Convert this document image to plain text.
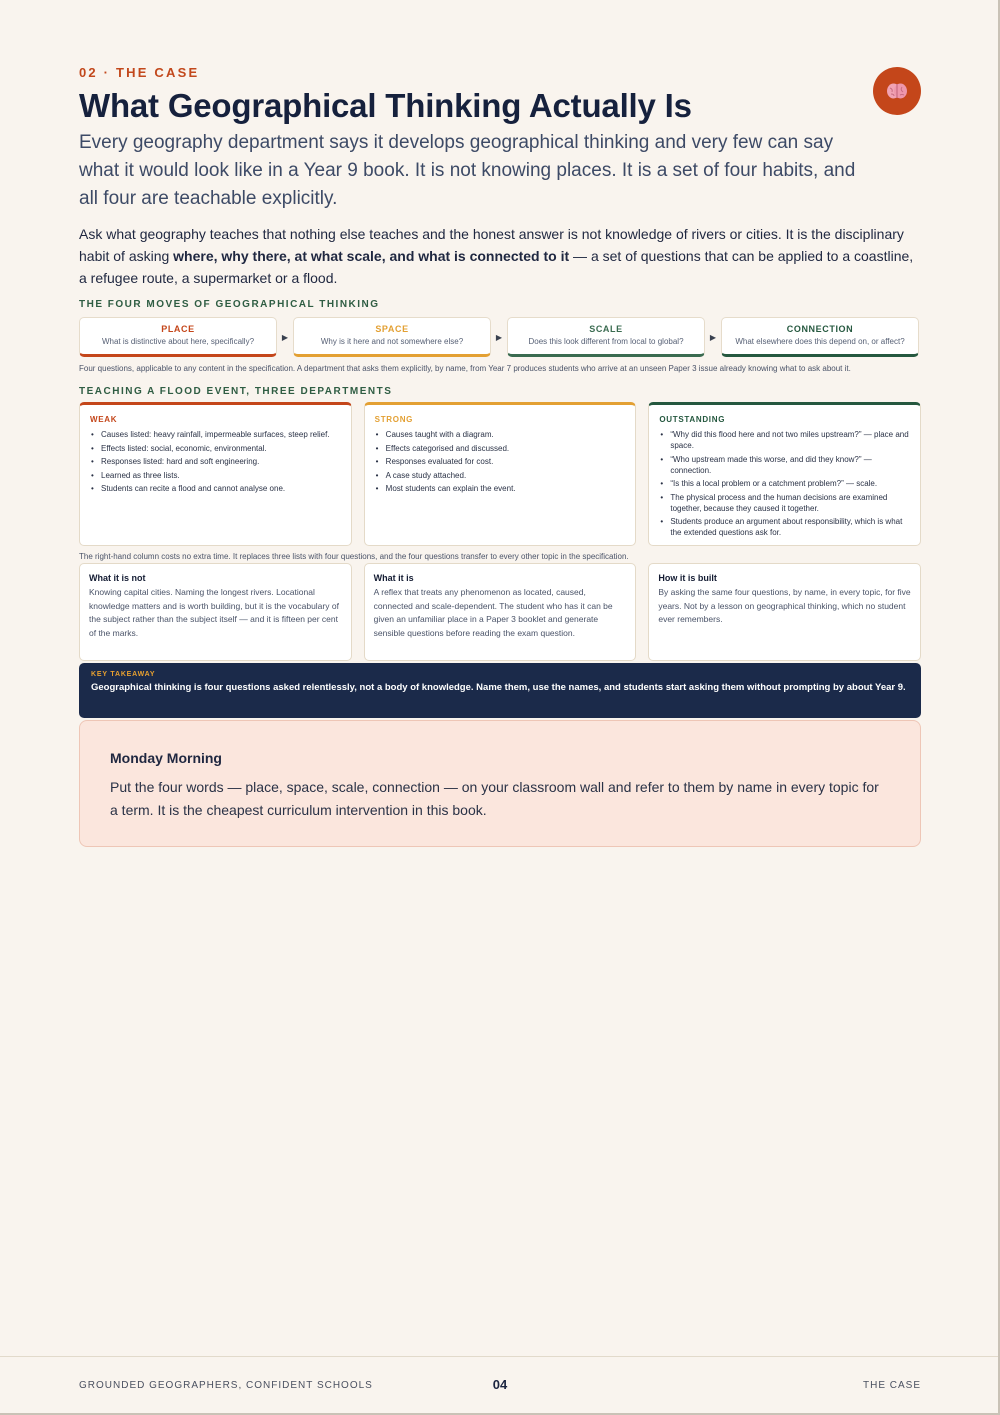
02 · THE CASE
What Geographical Thinking Actually Is

Every geography department says it develops geographical thinking and very few can say what it would look like in a Year 9 book. It is not knowing places. It is a set of four habits, and all four are teachable explicitly.

Ask what geography teaches that nothing else teaches and the honest answer is not knowledge of rivers or cities. It is the disciplinary habit of asking where, why there, at what scale, and what is connected to it — a set of questions that can be applied to a coastline, a refugee route, a supermarket or a flood.

THE FOUR MOVES OF GEOGRAPHICAL THINKING
PLACE
What is distinctive about here, specifically?	▶
SPACE
Why is it here and not somewhere else?	▶
SCALE
Does this look different from local to global?	▶
CONNECTION
What elsewhere does this depend on, or affect?

Four questions, applicable to any content in the specification. A department that asks them explicitly, by name, from Year 7 produces students who arrive at an unseen Paper 3 issue already knowing what to ask about it.

TEACHING A FLOOD EVENT, THREE DEPARTMENTS
WEAK
• Causes listed: heavy rainfall, impermeable surfaces, steep relief.
• Effects listed: social, economic, environmental.
• Responses listed: hard and soft engineering.
• Learned as three lists.
• Students can recite a flood and cannot analyse one.
STRONG
• Causes taught with a diagram.
• Effects categorised and discussed.
• Responses evaluated for cost.
• A case study attached.
• Most students can explain the event.
OUTSTANDING
• “Why did this flood here and not two miles upstream?” — place and space.
• “Who upstream made this worse, and did they know?” — connection.
• “Is this a local problem or a catchment problem?” — scale.
• The physical process and the human decisions are examined together, because they caused it together.
• Students produce an argument about responsibility, which is what the extended questions ask for.

The right-hand column costs no extra time. It replaces three lists with four questions, and the four questions transfer to every other topic in the specification.

What it is not
Knowing capital cities. Naming the longest rivers. Locational knowledge matters and is worth building, but it is the vocabulary of the subject rather than the subject itself — and it is fifteen per cent of the marks.
What it is
A reflex that treats any phenomenon as located, caused, connected and scale-dependent. The student who has it can be given an unfamiliar place in a Paper 3 booklet and generate sensible questions before reading the exam question.
How it is built
By asking the same four questions, by name, in every topic, for five years. Not by a lesson on geographical thinking, which no student ever remembers.
KEY TAKEAWAY
Geographical thinking is four questions asked relentlessly, not a body of knowledge. Name them, use the names, and students start asking them without prompting by about Year 9.
Monday Morning
Put the four words — place, space, scale, connection — on your classroom wall and refer to them by name in every topic for a term. It is the cheapest curriculum intervention in this book.
GROUNDED GEOGRAPHERS, CONFIDENT SCHOOLS	04	THE CASE
